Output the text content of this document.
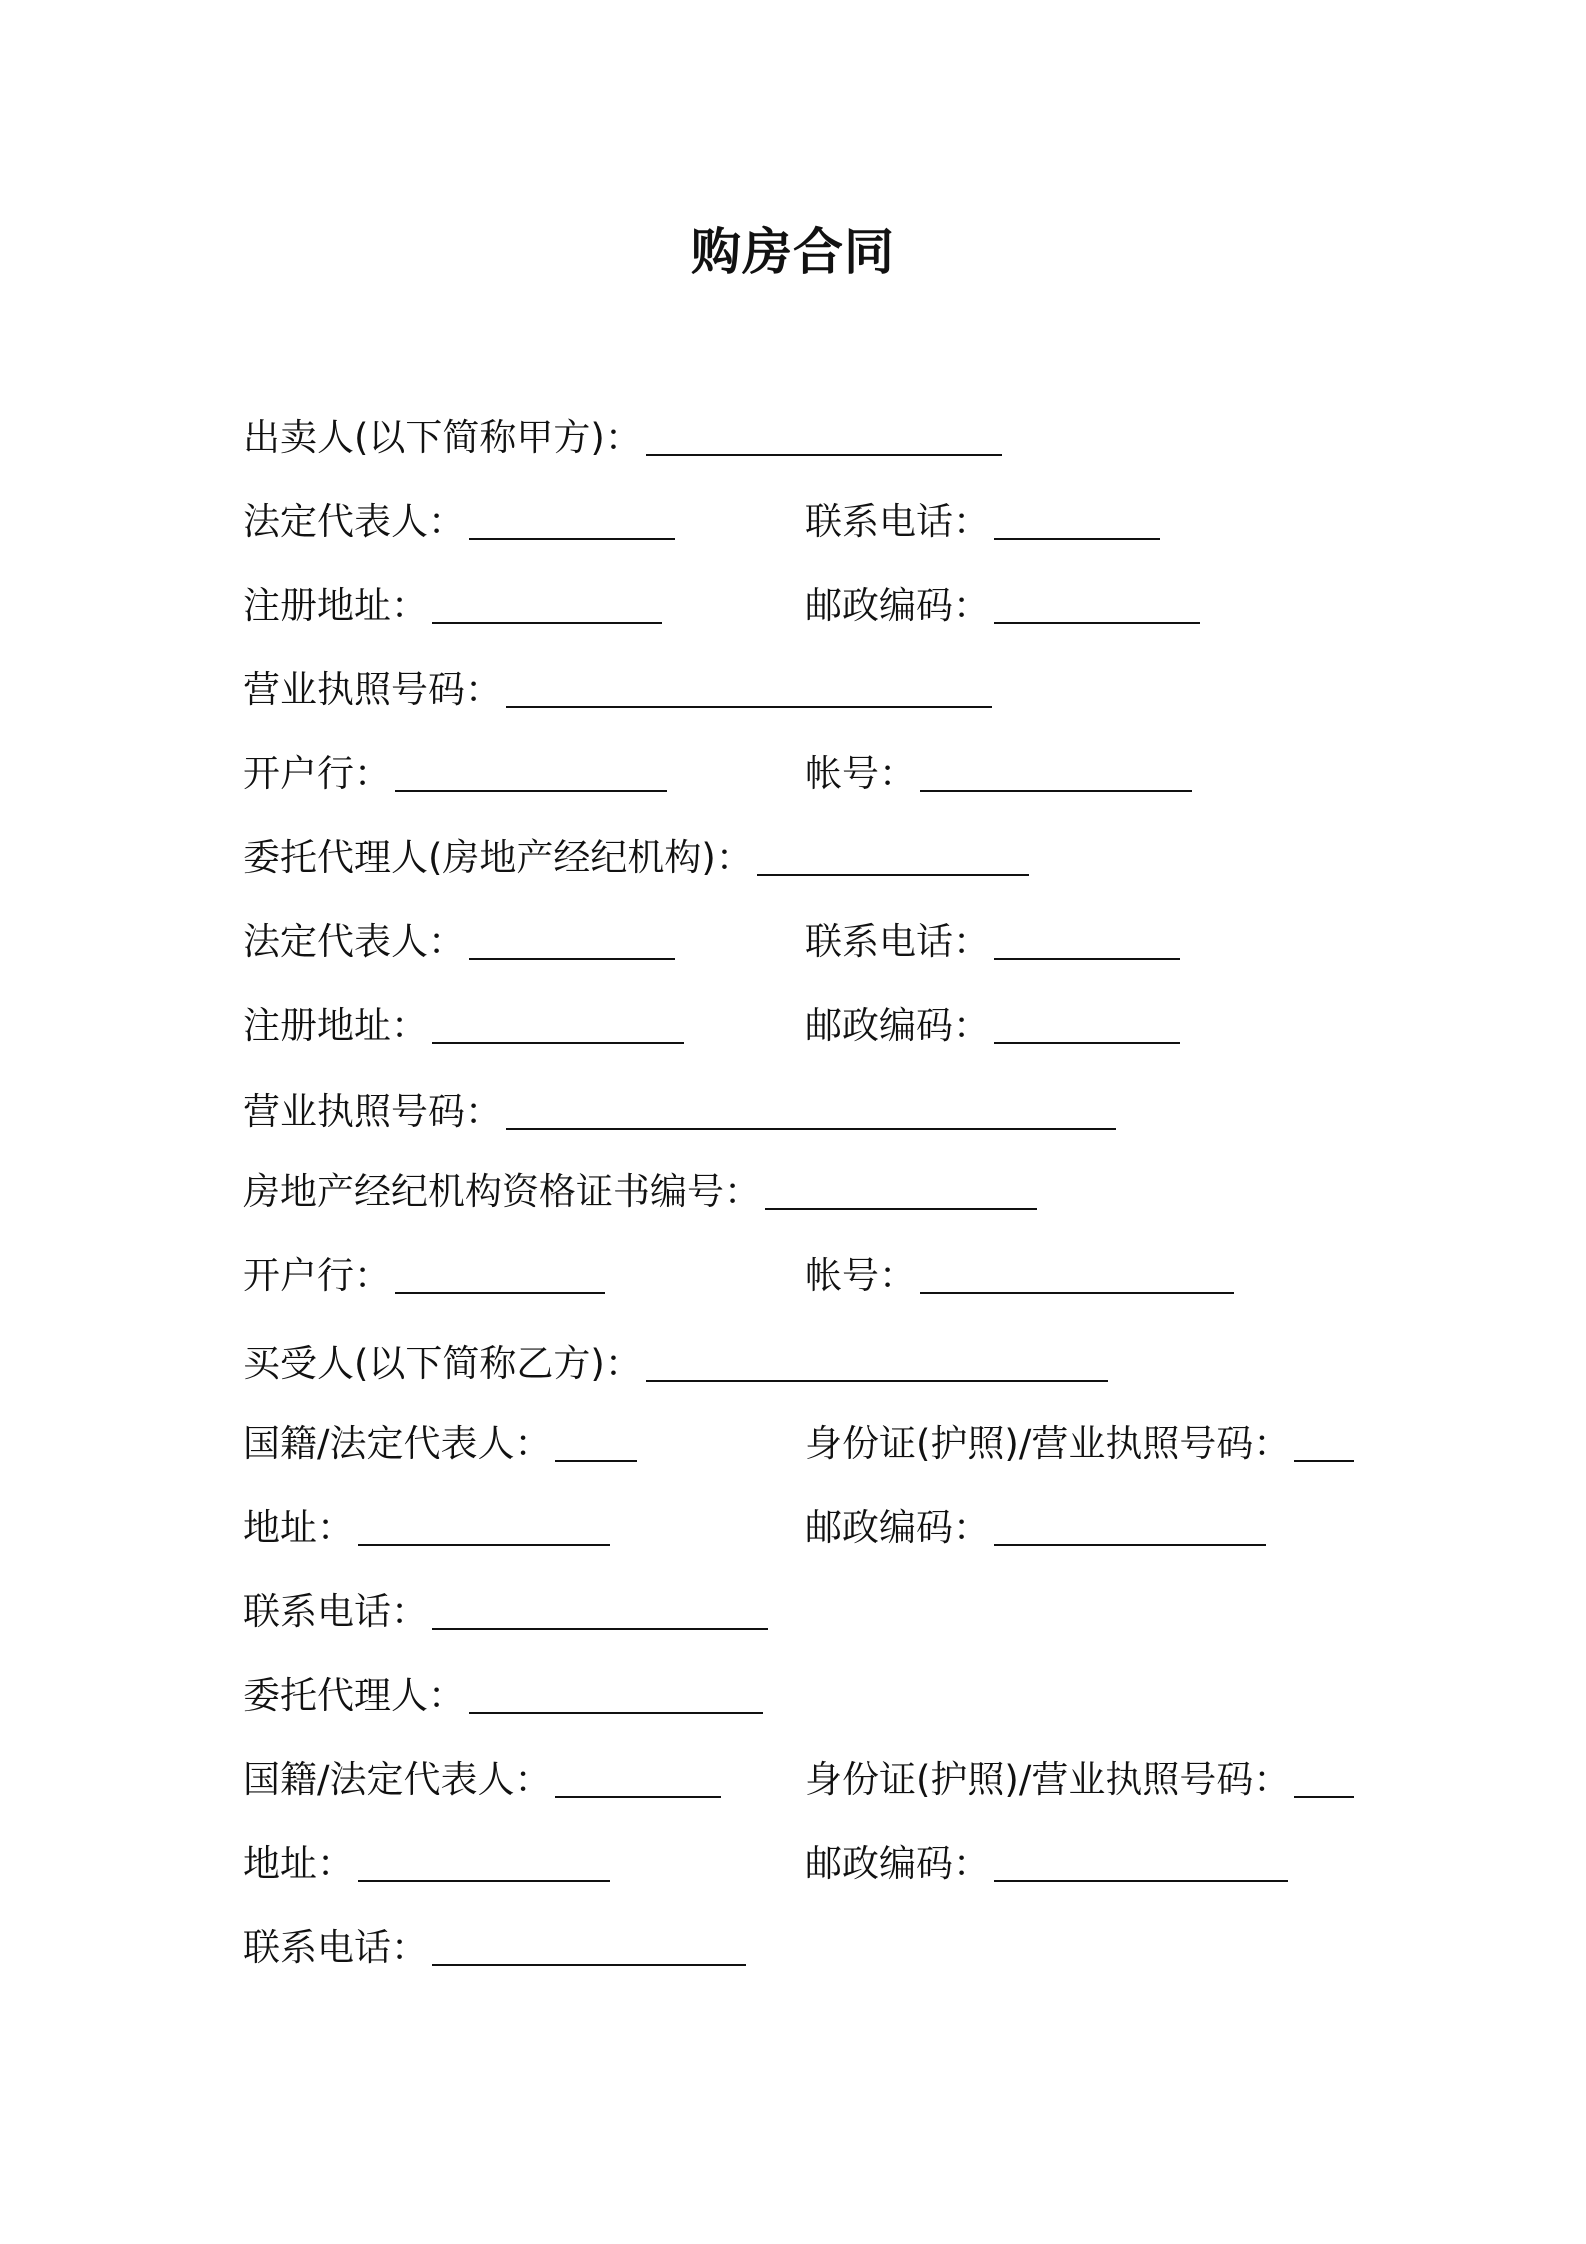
购房合同
出卖人(以下简称甲方)：
法定代表人：	联系电话：
注册地址：	邮政编码：
营业执照号码：
开户行：	帐号：
委托代理人(房地产经纪机构)：
法定代表人：	联系电话：
注册地址：	邮政编码：
营业执照号码：
房地产经纪机构资格证书编号：
开户行：	帐号：
买受人(以下简称乙方)：
国籍/法定代表人：	身份证(护照)/营业执照号码：
地址：	邮政编码：
联系电话：
委托代理人：
国籍/法定代表人：	身份证(护照)/营业执照号码：
地址：	邮政编码：
联系电话：
